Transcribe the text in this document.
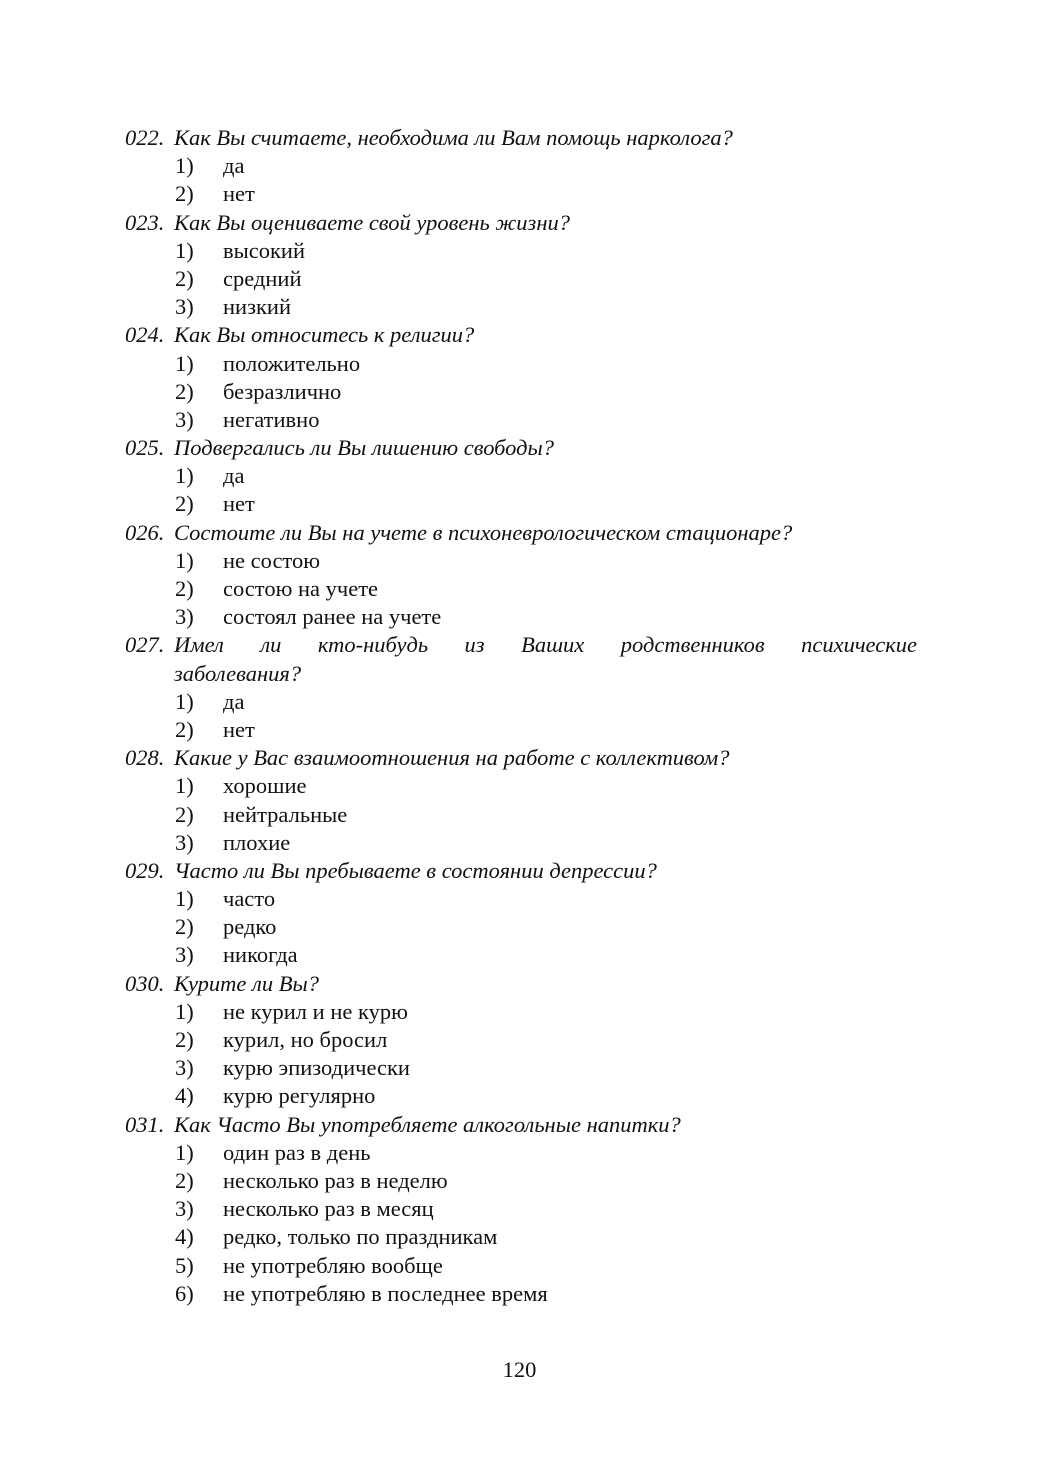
022. Как Вы считаете, необходима ли Вам помощь нарколога?
1)	да
2)	нет
023. Как Вы оцениваете свой уровень жизни?
1)	высокий
2)	средний
3)	низкий
024. Как Вы относитесь к религии?
1)	положительно
2)	безразлично
3)	негативно
025. Подвергались ли Вы лишению свободы?
1)	да
2)	нет
026. Состоите ли Вы на учете в психоневрологическом стационаре?
1)	не состою
2)	состою на учете
3)	состоял ранее на учете
027. Имел ли кто-нибудь из Ваших родственников психические
заболевания?
1)	да
2)	нет
028. Какие у Вас взаимоотношения на работе с коллективом?
1)	хорошие
2)	нейтральные
3)	плохие
029. Часто ли Вы пребываете в состоянии депрессии?
1)	часто
2)	редко
3)	никогда
030. Курите ли Вы?
1)	не курил и не курю
2)	курил, но бросил
3)	курю эпизодически
4)	курю регулярно
031. Как Часто Вы употребляете алкогольные напитки?
1)	один раз в день
2)	несколько раз в неделю
3)	несколько раз в месяц
4)	редко, только по праздникам
5)	не употребляю вообще
6)	не употребляю в последнее время
120
